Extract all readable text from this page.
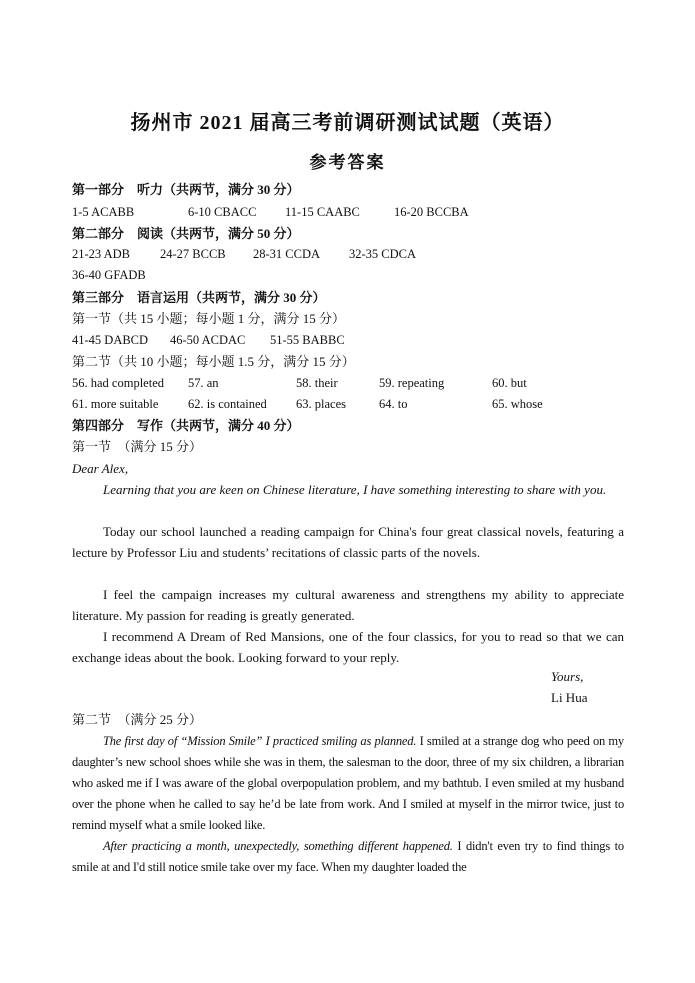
扬州市 2021 届高三考前调研测试试题（英语）
参考答案
第一部分　听力（共两节，满分 30 分）
1-5 ACABB	6-10 CBACC 11-15 CAABC	16-20 BCCBA
第二部分　阅读（共两节，满分 50 分）
21-23 ADB 24-27 BCCB 28-31 CCDA 32-35 CDCA
36-40 GFADB
第三部分　语言运用（共两节，满分 30 分）
第一节（共 15 小题；每小题 1 分，满分 15 分）
41-45 DABCD 46-50 ACDAC 51-55 BABBC
第二节（共 10 小题；每小题 1.5 分，满分 15 分）
56. had completed 57. an	58. their	59. repeating	60. but
61. more suitable 62. is contained 63. places	64. to	65. whose
第四部分　写作（共两节，满分 40 分）
第一节　（满分 15 分）
Dear Alex,
Learning that you are keen on Chinese literature, I have something interesting to share with you.
Today our school launched a reading campaign for China's four great classical novels, featuring a lecture by Professor Liu and students’ recitations of classic parts of the novels.
I feel the campaign increases my cultural awareness and strengthens my ability to appreciate literature. My passion for reading is greatly generated.
I recommend A Dream of Red Mansions, one of the four classics, for you to read so that we can exchange ideas about the book. Looking forward to your reply.
Yours,
Li Hua
第二节　（满分 25 分）
The first day of “Mission Smile” I practiced smiling as planned. I smiled at a strange dog who peed on my daughter’s new school shoes while she was in them, the salesman to the door, three of my six children, a librarian who asked me if I was aware of the global overpopulation problem, and my bathtub. I even smiled at my husband over the phone when he called to say he’d be late from work. And I smiled at myself in the mirror twice, just to remind myself what a smile looked like.
After practicing a month, unexpectedly, something different happened. I didn't even try to find things to smile at and I'd still notice smile take over my face. When my daughter loaded the
